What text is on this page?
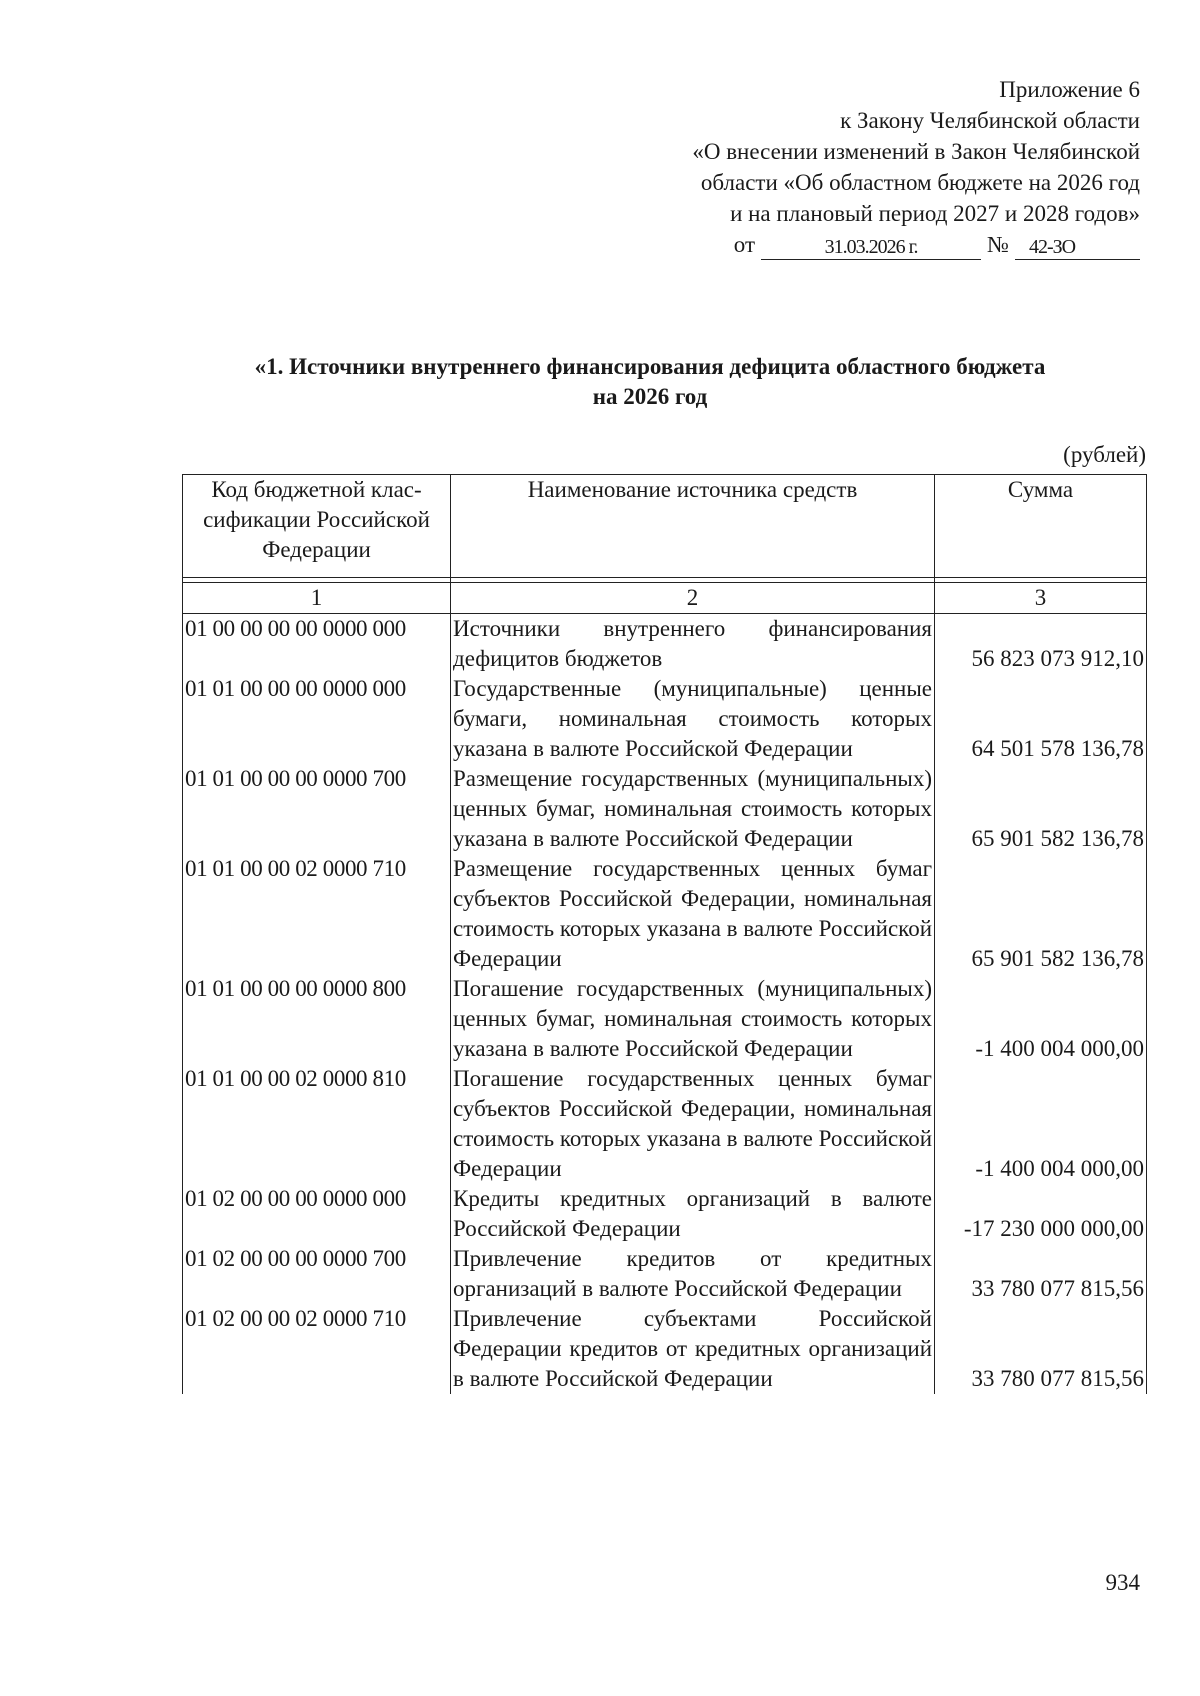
Приложение 6
к Закону Челябинской области
«О внесении изменений в Закон Челябинской
области «Об областном бюджете на 2026 год
и на плановый период 2027 и 2028 годов»
от	31.03.2026 г.	№	42-ЗО
«1. Источники внутреннего финансирования дефицита областного бюджета
на 2026 год
(рублей)
Код бюджетной клас-сификации Российской Федерации	Наименование источника средств	Сумма

1	2	3
01 00 00 00 00 0000 000	Источники внутреннего финансирования дефицитов бюджетов	56 823 073 912,10
01 01 00 00 00 0000 000	Государственные (муниципальные) ценные бумаги, номинальная стоимость которых указана в валюте Российской Федерации	64 501 578 136,78
01 01 00 00 00 0000 700	Размещение государственных (муниципальных) ценных бумаг, номинальная стоимость которых указана в валюте Российской Федерации	65 901 582 136,78
01 01 00 00 02 0000 710	Размещение государственных ценных бумаг субъектов Российской Федерации, номинальная стоимость которых указана в валюте Российской Федерации	65 901 582 136,78
01 01 00 00 00 0000 800	Погашение государственных (муниципальных) ценных бумаг, номинальная стоимость которых указана в валюте Российской Федерации	-1 400 004 000,00
01 01 00 00 02 0000 810	Погашение государственных ценных бумаг субъектов Российской Федерации, номинальная стоимость которых указана в валюте Российской Федерации	-1 400 004 000,00
01 02 00 00 00 0000 000	Кредиты кредитных организаций в валюте Российской Федерации	-17 230 000 000,00
01 02 00 00 00 0000 700	Привлечение кредитов от кредитных организаций в валюте Российской Федерации	33 780 077 815,56
01 02 00 00 02 0000 710	Привлечение субъектами Российской Федерации кредитов от кредитных организаций в валюте Российской Федерации	33 780 077 815,56
934
